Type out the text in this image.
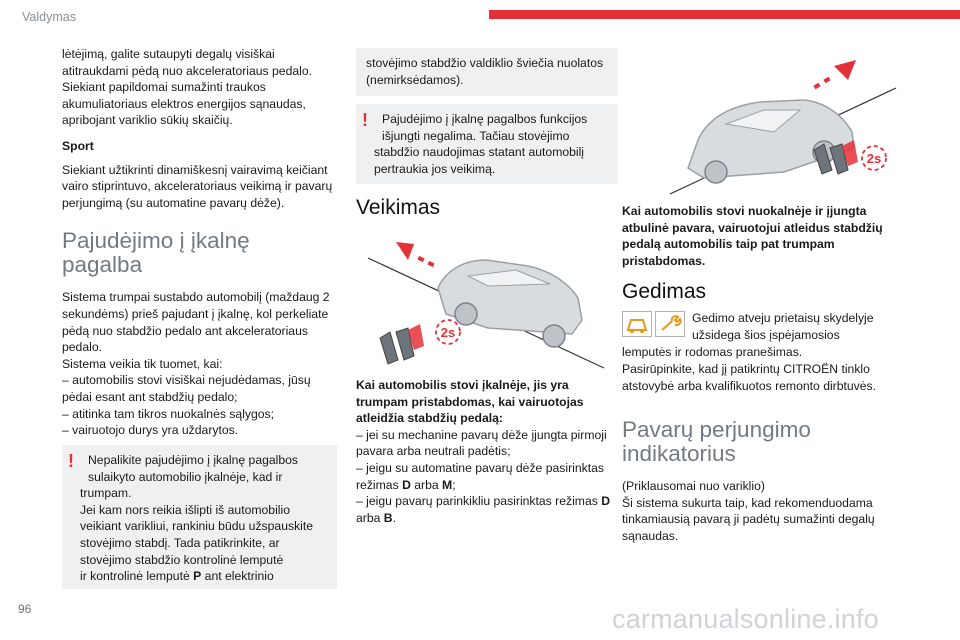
Valdymas

lėtėjimą, galite sutaupyti degalų visiškai atitraukdami pėdą nuo akceleratoriaus pedalo. Siekiant papildomai sumažinti traukos akumuliatoriaus elektros energijos sąnaudas, apribojant variklio sūkių skaičių.

Sport

Siekiant užtikrinti dinamiškesnį vairavimą keičiant vairo stiprintuvo, akceleratoriaus veikimą ir pavarų perjungimą (su automatine pavarų dėže).

Pajudėjimo į įkalnę pagalba

Sistema trumpai sustabdo automobilį (maždaug 2 sekundėms) prieš pajudant į įkalnę, kol perkeliate pėdą nuo stabdžio pedalo ant akceleratoriaus pedalo.

Sistema veikia tik tuomet, kai:

– automobilis stovi visiškai nejudėdamas, jūsų pėdai esant ant stabdžių pedalo;

– atitinka tam tikros nuokalnės sąlygos;

– vairuotojo durys yra uždarytos.

!	Nepalikite pajudėjimo į įkalnę pagalbos

sulaikyto automobilio įkalnėje, kad ir

trumpam.

Jei kam nors reikia išlipti iš automobilio

veikiant varikliui, rankiniu būdu užspauskite

stovėjimo stabdį. Tada patikrinkite, ar

stovėjimo stabdžio kontrolinė lemputė

ir kontrolinė lemputė P ant elektrinio

stovėjimo stabdžio valdiklio šviečia nuolatos

(nemirksėdamos).

!	Pajudėjimo į įkalnę pagalbos funkcijos

išjungti negalima. Tačiau stovėjimo

stabdžio naudojimas statant automobilį

pertraukia jos veikimą.

Veikimas
2s

Kai automobilis stovi įkalnėje, jis yra trumpam pristabdomas, kai vairuotojas atleidžia stabdžių pedalą:

– jei su mechanine pavarų dėže įjungta pirmoji pavara arba neutrali padėtis;

– jeigu su automatine pavarų dėže pasirinktas režimas D arba M;

– jeigu pavarų parinkikliu pasirinktas režimas D arba B.

2s

Kai automobilis stovi nuokalnėje ir įjungta atbulinė pavara, vairuotojui atleidus stabdžių pedalą automobilis taip pat trumpam pristabdomas.

Gedimas

Gedimo atveju prietaisų skydelyje

užsidega šios įspėjamosios

lemputės ir rodomas pranešimas.

Pasirūpinkite, kad jį patikrintų CITROËN tinklo atstovybė arba kvalifikuotos remonto dirbtuvės.

Pavarų perjungimo indikatorius

(Priklausomai nuo variklio)

Ši sistema sukurta taip, kad rekomenduodama tinkamiausią pavarą ji padėtų sumažinti degalų sąnaudas.

96	carmanualsonline.info
